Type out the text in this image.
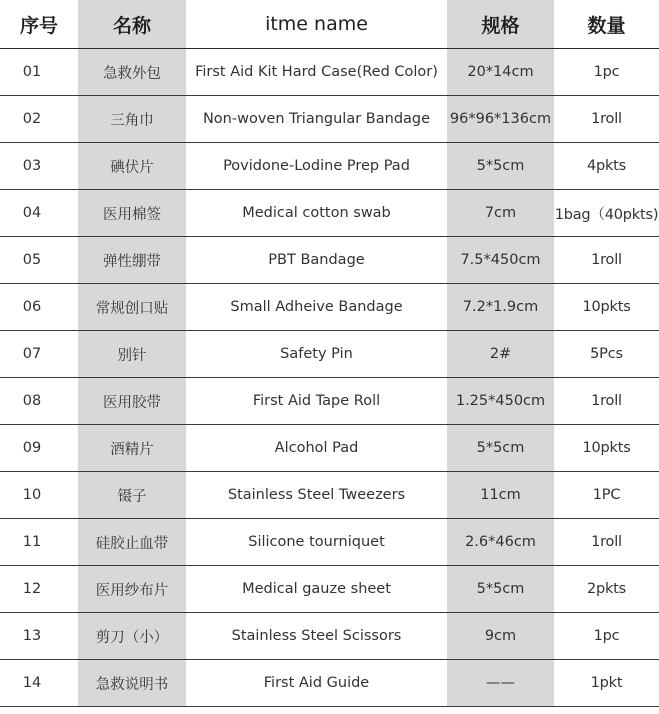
序号	名称	itme name	规格	数量
01	急救外包	First Aid Kit Hard Case(Red Color)	20*14cm	1pc
02	三角巾	Non-woven Triangular Bandage	96*96*136cm	1roll
03	碘伏片	Povidone-Lodine Prep Pad	5*5cm	4pkts
04	医用棉签	Medical cotton swab	7cm	1bag（40pkts)
05	弹性绷带	PBT Bandage	7.5*450cm	1roll
06	常规创口贴	Small Adheive Bandage	7.2*1.9cm	10pkts
07	别针	Safety Pin	2#	5Pcs
08	医用胶带	First Aid Tape Roll	1.25*450cm	1roll
09	酒精片	Alcohol Pad	5*5cm	10pkts
10	镊子	Stainless Steel Tweezers	11cm	1PC
11	硅胶止血带	Silicone tourniquet	2.6*46cm	1roll
12	医用纱布片	Medical gauze sheet	5*5cm	2pkts
13	剪刀（小）	Stainless Steel Scissors	9cm	1pc
14	急救说明书	First Aid Guide	——	1pkt
